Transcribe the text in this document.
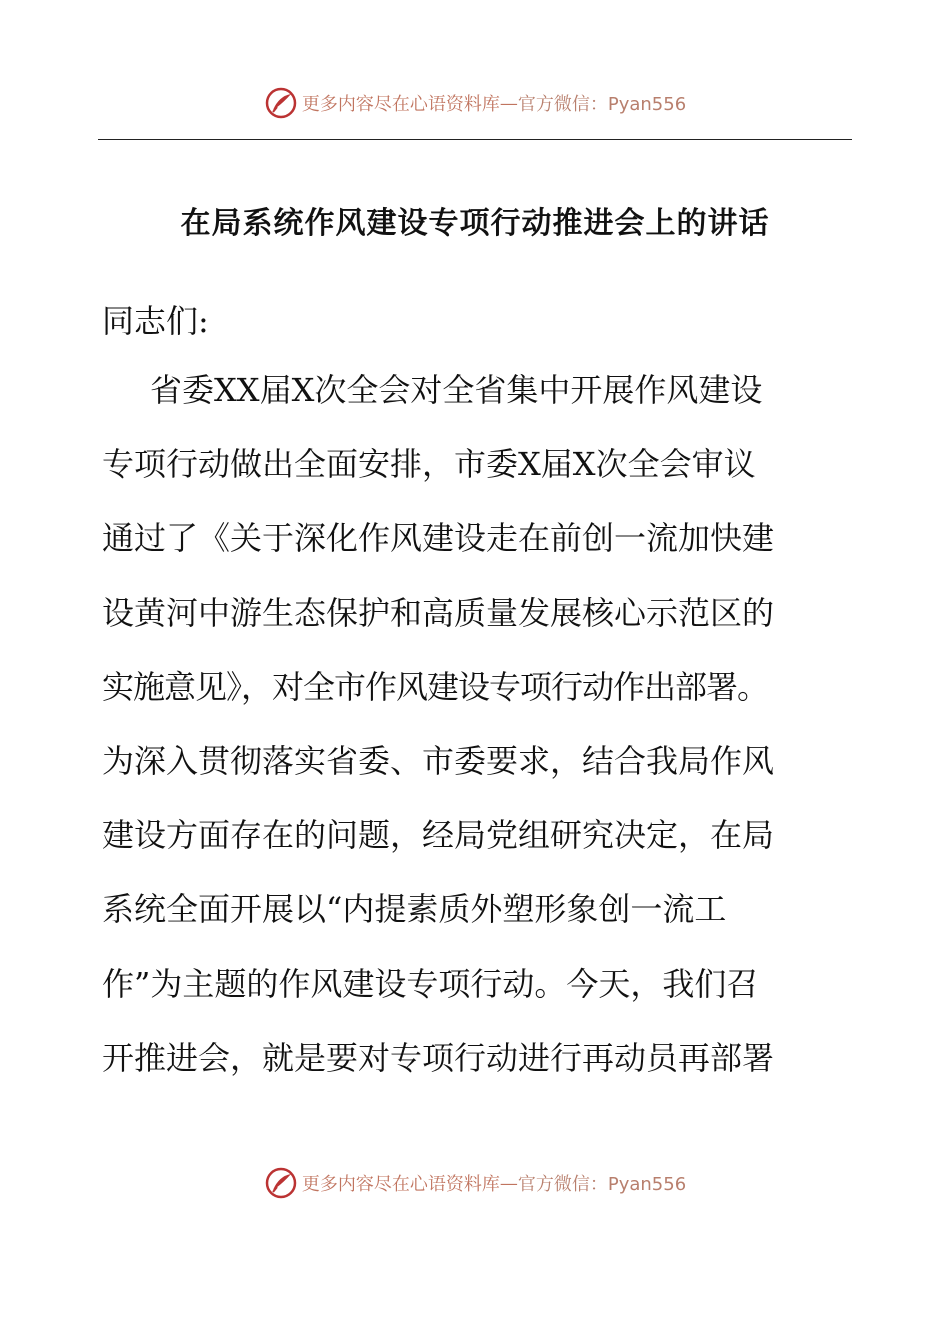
更多内容尽在心语资料库 — 官方微信：Pyan556
在局系统作风建设专项行动推进会上的讲话
同志们:
省委XX届X次全会对全省集中开展作风建设
专项行动做出全面安排，市委X届X次全会审议
通过了《关于深化作风建设走在前创一流加快建
设黄河中游生态保护和高质量发展核心示范区的
实施意见》，对全市作风建设专项行动作出部署。
为深入贯彻落实省委、市委要求，结合我局作风
建设方面存在的问题，经局党组研究决定，在局
系统全面开展以“内提素质外塑形象创一流工
作”为主题的作风建设专项行动。今天，我们召
开推进会，就是要对专项行动进行再动员再部署
更多内容尽在心语资料库 — 官方微信：Pyan556
